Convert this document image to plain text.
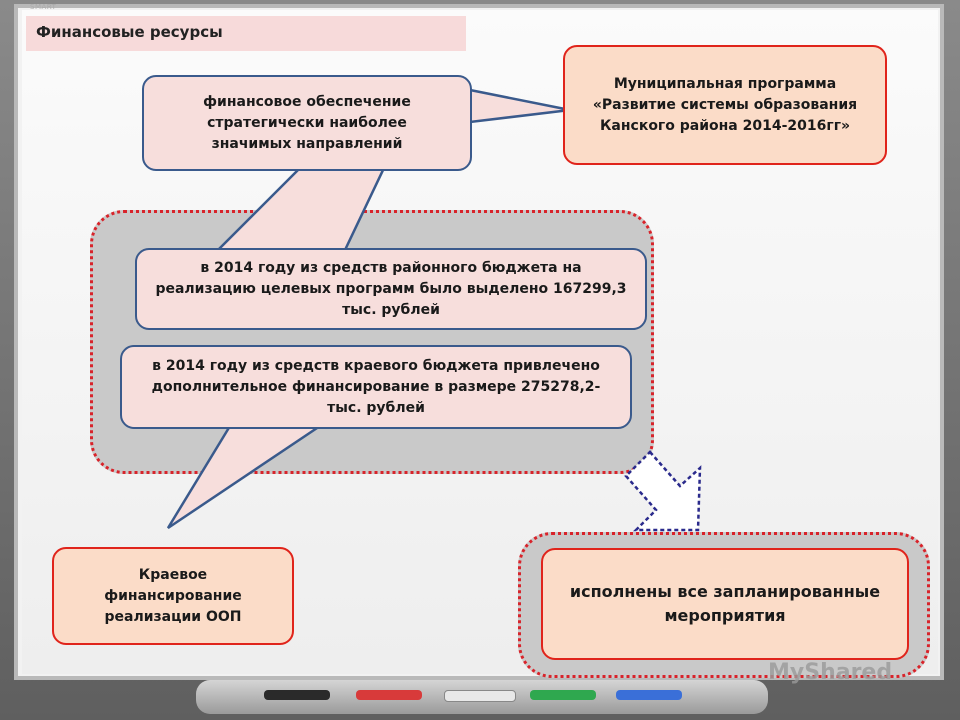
SMART
Финансовые ресурсы
финансовое обеспечение стратегически наиболее значимых направлений
Муниципальная программа «Развитие системы образования Канского района 2014-2016гг»
в 2014 году из средств районного бюджета на реализацию целевых программ было выделено 167299,3 тыс. рублей
в 2014 году из средств краевого бюджета привлечено дополнительное финансирование в размере 275278,2- тыс. рублей
Краевое финансирование реализации ООП
исполнены все запланированные мероприятия
MyShared
